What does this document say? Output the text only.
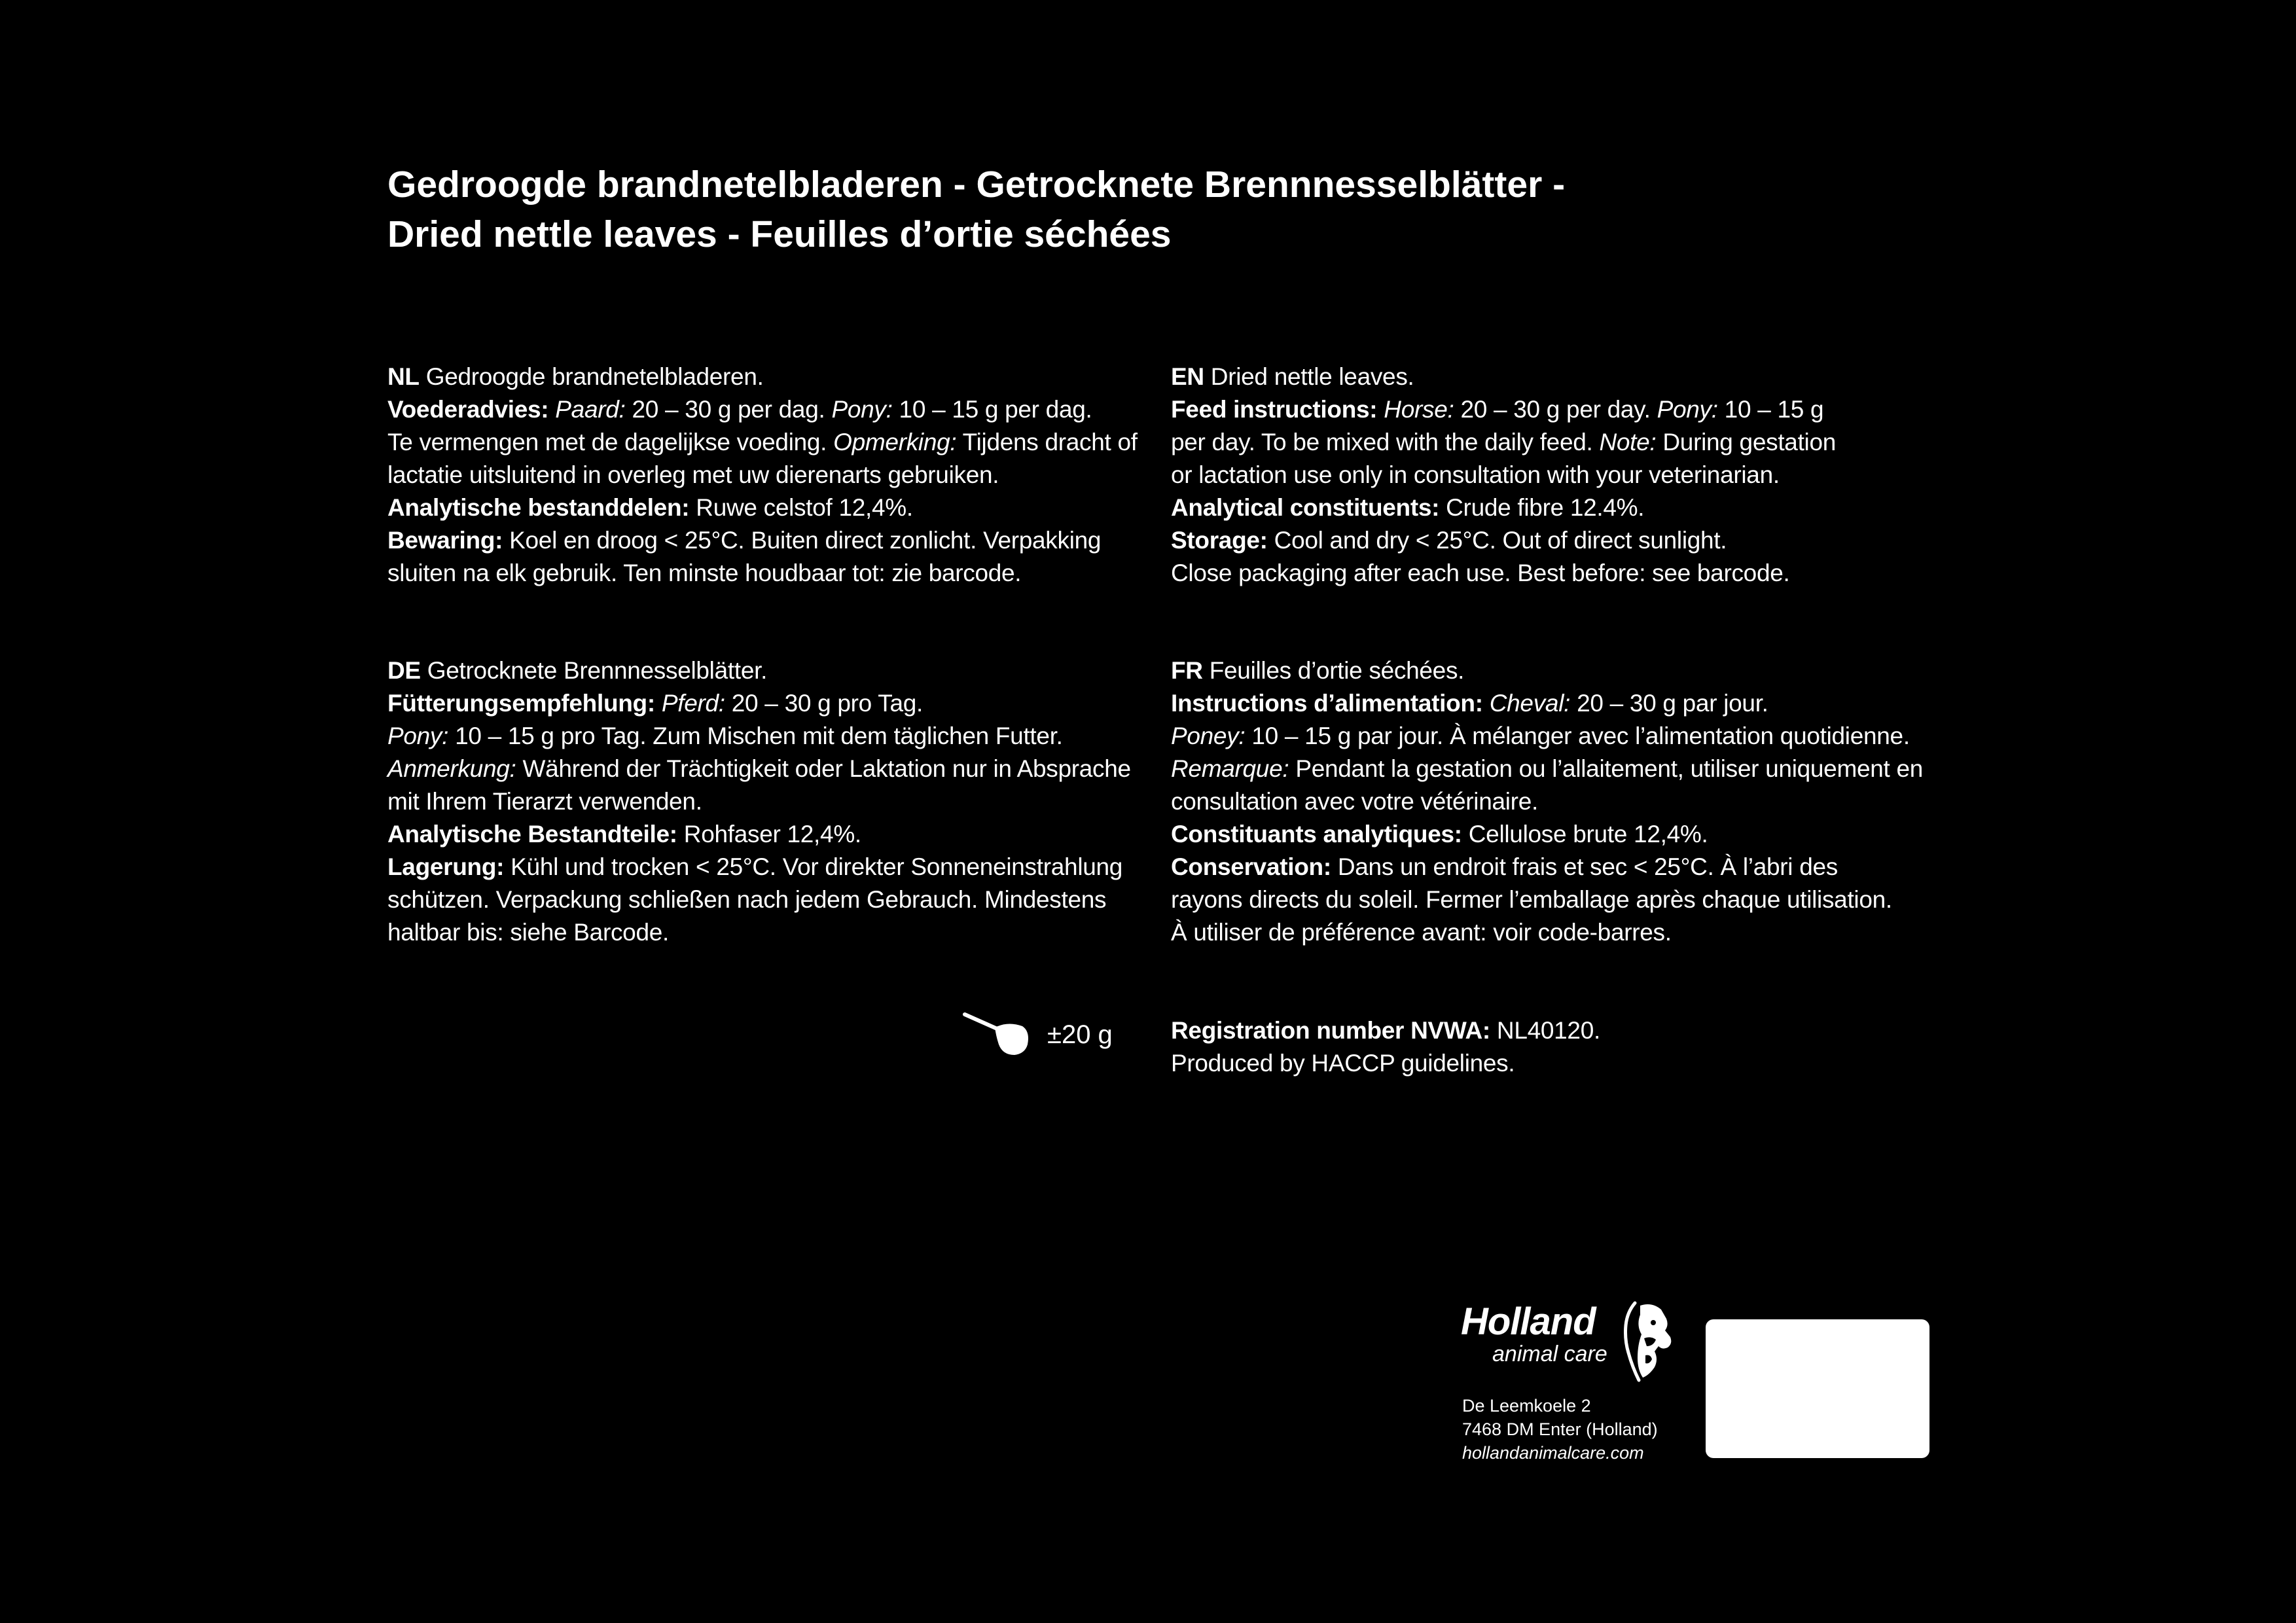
Gedroogde brandnetelbladeren - Getrocknete Brennnesselblätter -
Dried nettle leaves - Feuilles d’ortie séchées
NL Gedroogde brandnetelbladeren.
Voederadvies: Paard: 20 – 30 g per dag. Pony: 10 – 15 g per dag.
Te vermengen met de dagelijkse voeding. Opmerking: Tijdens dracht of
lactatie uitsluitend in overleg met uw dierenarts gebruiken.
Analytische bestanddelen: Ruwe celstof 12,4%.
Bewaring: Koel en droog < 25°C. Buiten direct zonlicht. Verpakking
sluiten na elk gebruik. Ten minste houdbaar tot: zie barcode.
EN Dried nettle leaves.
Feed instructions: Horse: 20 – 30 g per day. Pony: 10 – 15 g
per day. To be mixed with the daily feed. Note: During gestation
or lactation use only in consultation with your veterinarian.
Analytical constituents: Crude fibre 12.4%.
Storage: Cool and dry < 25°C. Out of direct sunlight.
Close packaging after each use. Best before: see barcode.
DE Getrocknete Brennnesselblätter.
Fütterungsempfehlung: Pferd: 20 – 30 g pro Tag.
Pony: 10 – 15 g pro Tag. Zum Mischen mit dem täglichen Futter.
Anmerkung: Während der Trächtigkeit oder Laktation nur in Absprache
mit Ihrem Tierarzt verwenden.
Analytische Bestandteile: Rohfaser 12,4%.
Lagerung: Kühl und trocken < 25°C. Vor direkter Sonneneinstrahlung
schützen. Verpackung schließen nach jedem Gebrauch. Mindestens
haltbar bis: siehe Barcode.
FR Feuilles d’ortie séchées.
Instructions d’alimentation: Cheval: 20 – 30 g par jour.
Poney: 10 – 15 g par jour. À mélanger avec l’alimentation quotidienne.
Remarque: Pendant la gestation ou l’allaitement, utiliser uniquement en
consultation avec votre vétérinaire.
Constituants analytiques: Cellulose brute 12,4%.
Conservation: Dans un endroit frais et sec < 25°C. À l’abri des
rayons directs du soleil. Fermer l’emballage après chaque utilisation.
À utiliser de préférence avant: voir code-barres.
±20 g Registration number NVWA: NL40120.
Produced by HACCP guidelines.
Holland
animal care
De Leemkoele 2
7468 DM Enter (Holland)
hollandanimalcare.com
